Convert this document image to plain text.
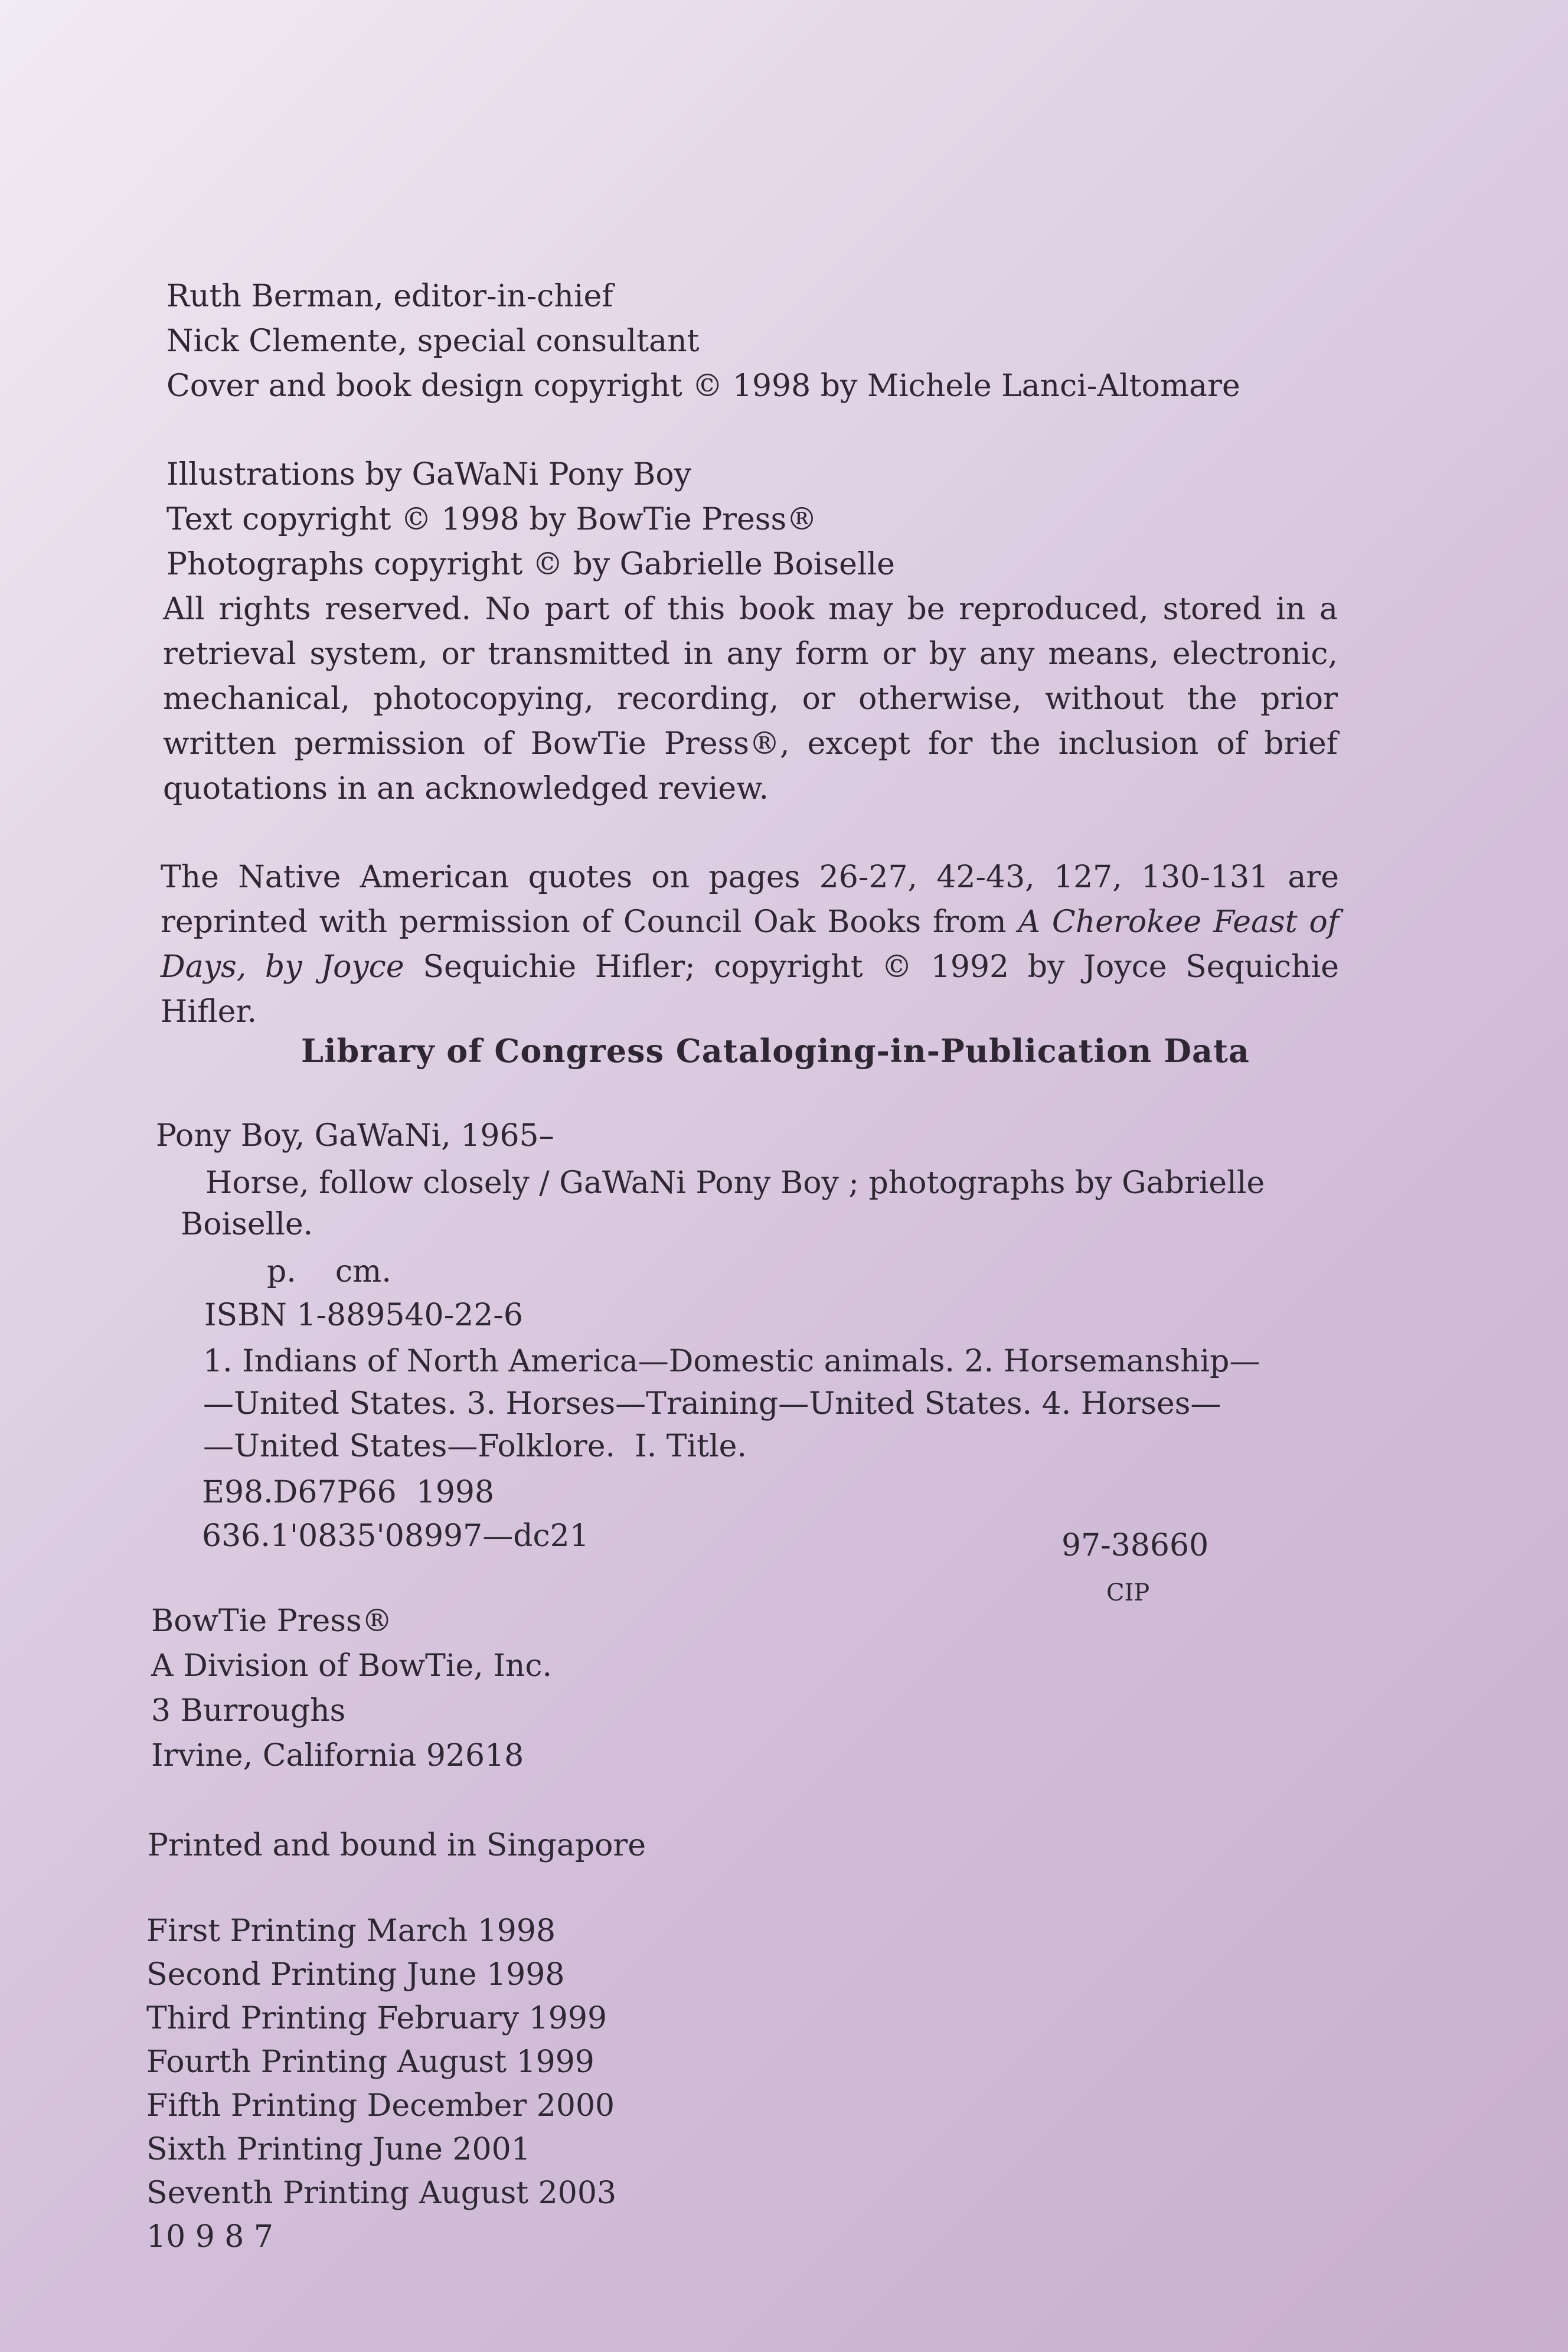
Ruth Berman, editor-in-chief
Nick Clemente, special consultant
Cover and book design copyright © 1998 by Michele Lanci-Altomare
Illustrations by GaWaNi Pony Boy
Text copyright © 1998 by BowTie Press®
Photographs copyright © by Gabrielle Boiselle

All rights reserved. No part of this book may be reproduced, stored in a retrieval system, or transmitted in any form or by any means, electronic, mechanical, photocopying, recording, or otherwise, without the prior written permission of BowTie Press®, except for the inclusion of brief quotations in an acknowledged review.

The Native American quotes on pages 26-27, 42-43, 127, 130-131 are reprinted with permission of Council Oak Books from A Cherokee Feast of Days, by Joyce Sequichie Hifler; copyright © 1992 by Joyce Sequichie Hifler.

Library of Congress Cataloging-in-Publication Data
Pony Boy, GaWaNi, 1965–
Horse, follow closely / GaWaNi Pony Boy ; photographs by Gabrielle
Boiselle.
p.    cm.
ISBN 1-889540-22-6
1. Indians of North America—Domestic animals. 2. Horsemanship—
—United States. 3. Horses—Training—United States. 4. Horses—
—United States—Folklore.  I. Title.
E98.D67P66  1998
636.1'0835'08997—dc21	97-38660
CIP
BowTie Press®
A Division of BowTie, Inc.
3 Burroughs
Irvine, California 92618
Printed and bound in Singapore
First Printing March 1998
Second Printing June 1998
Third Printing February 1999
Fourth Printing August 1999
Fifth Printing December 2000
Sixth Printing June 2001
Seventh Printing August 2003
10 9 8 7
